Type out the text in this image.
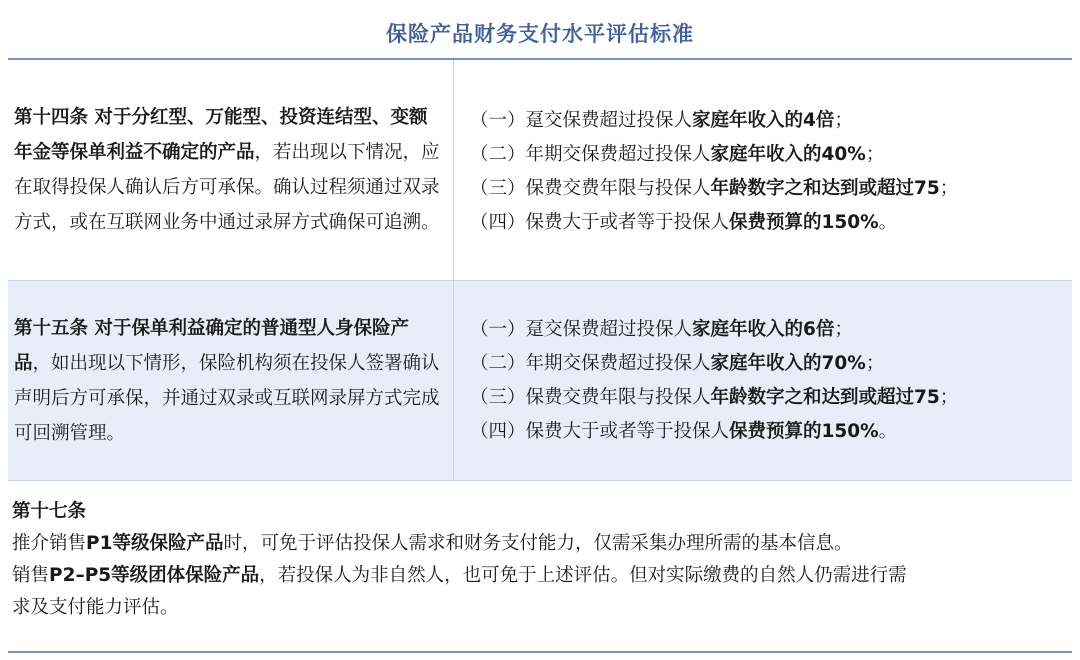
保险产品财务支付水平评估标准
第十四条 对于分红型、万能型、投资连结型、变额年金等保单利益不确定的产品，若出现以下情况，应在取得投保人确认后方可承保。确认过程须通过双录方式，或在互联网业务中通过录屏方式确保可追溯。
（一）趸交保费超过投保人家庭年收入的4倍；
（二）年期交保费超过投保人家庭年收入的40%；
（三）保费交费年限与投保人年龄数字之和达到或超过75；
（四）保费大于或者等于投保人保费预算的150%。
第十五条 对于保单利益确定的普通型人身保险产品，如出现以下情形，保险机构须在投保人签署确认声明后方可承保，并通过双录或互联网录屏方式完成可回溯管理。
（一）趸交保费超过投保人家庭年收入的6倍；
（二）年期交保费超过投保人家庭年收入的70%；
（三）保费交费年限与投保人年龄数字之和达到或超过75；
（四）保费大于或者等于投保人保费预算的150%。
第十七条
推介销售P1等级保险产品时，可免于评估投保人需求和财务支付能力，仅需采集办理所需的基本信息。
销售P2–P5等级团体保险产品，若投保人为非自然人，也可免于上述评估。但对实际缴费的自然人仍需进行需
求及支付能力评估。
